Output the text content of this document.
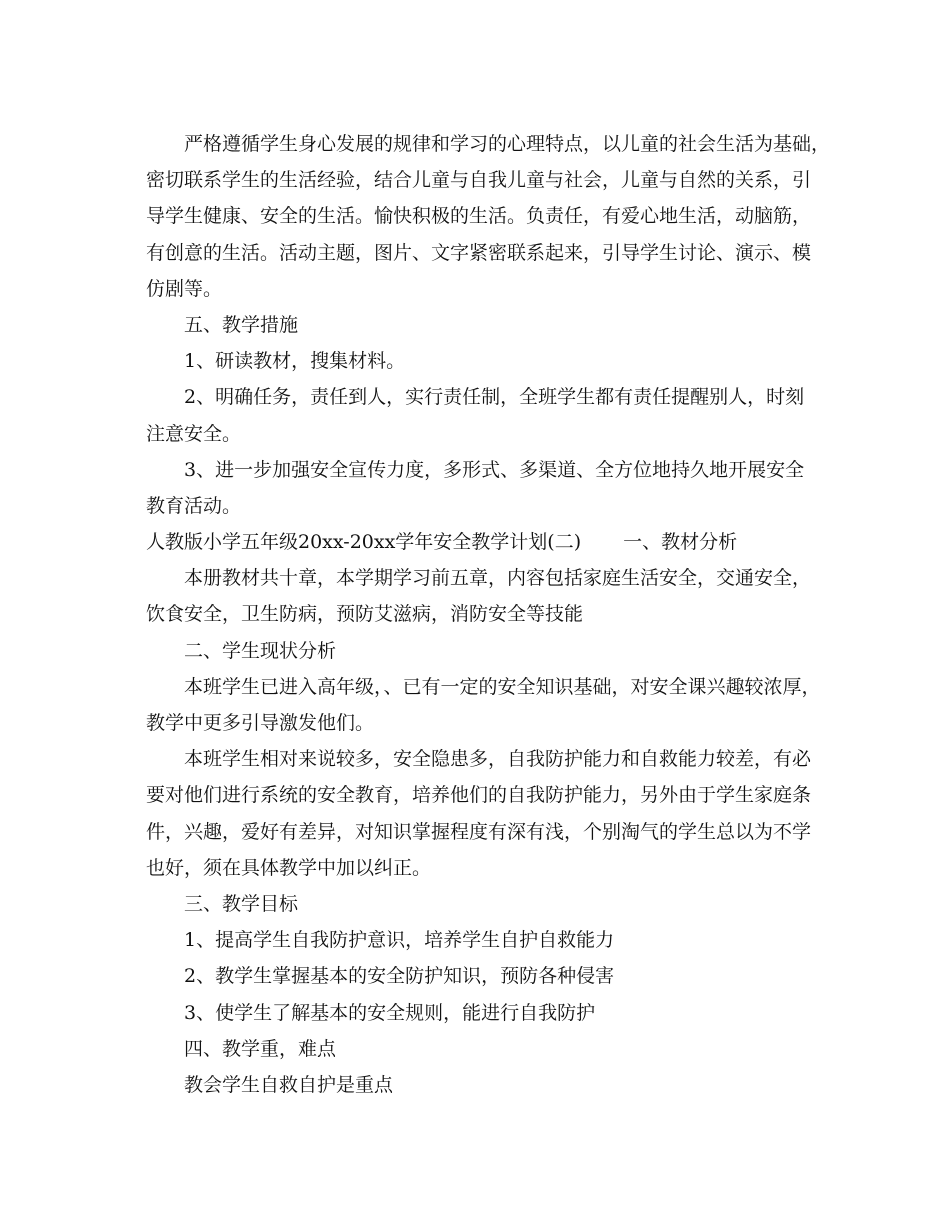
严格遵循学生身心发展的规律和学习的心理特点，以儿童的社会生活为基础，
密切联系学生的生活经验，结合儿童与自我儿童与社会，儿童与自然的关系，引
导学生健康、安全的生活。愉快积极的生活。负责任，有爱心地生活，动脑筋，
有创意的生活。活动主题，图片、文字紧密联系起来，引导学生讨论、演示、模
仿剧等。
五、教学措施
1、研读教材，搜集材料。
2、明确任务，责任到人，实行责任制，全班学生都有责任提醒别人，时刻
注意安全。
3、进一步加强安全宣传力度，多形式、多渠道、全方位地持久地开展安全
教育活动。
人教版小学五年级20xx-20xx学年安全教学计划(二) 一、教材分析
本册教材共十章，本学期学习前五章，内容包括家庭生活安全，交通安全，
饮食安全，卫生防病，预防艾滋病，消防安全等技能
二、学生现状分析
本班学生已进入高年级，、已有一定的安全知识基础，对安全课兴趣较浓厚，
教学中更多引导激发他们。
本班学生相对来说较多，安全隐患多，自我防护能力和自救能力较差，有必
要对他们进行系统的安全教育，培养他们的自我防护能力，另外由于学生家庭条
件，兴趣，爱好有差异，对知识掌握程度有深有浅，个别淘气的学生总以为不学
也好，须在具体教学中加以纠正。
三、教学目标
1、提高学生自我防护意识，培养学生自护自救能力
2、教学生掌握基本的安全防护知识，预防各种侵害
3、使学生了解基本的安全规则，能进行自我防护
四、教学重，难点
教会学生自救自护是重点
